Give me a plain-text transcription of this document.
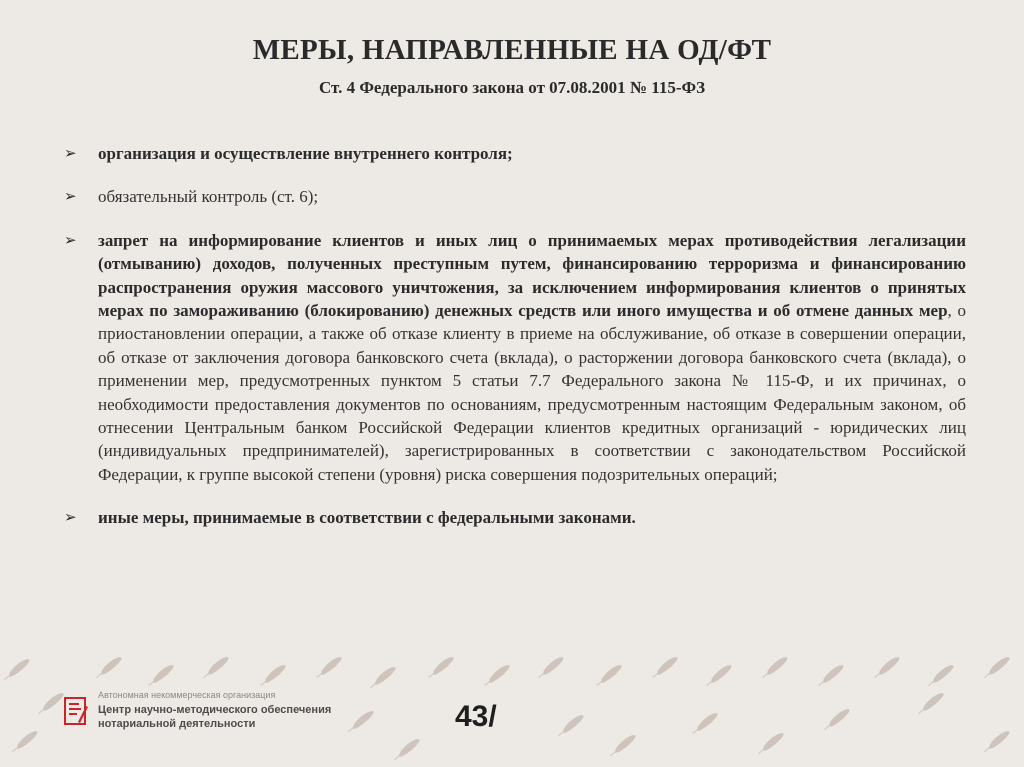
МЕРЫ, НАПРАВЛЕННЫЕ НА ОД/ФТ
Ст. 4 Федерального закона от 07.08.2001 № 115-ФЗ
➢ организация и осуществление внутреннего контроля;
➢ обязательный контроль (ст. 6);
➢ запрет на информирование клиентов и иных лиц о принимаемых мерах противодействия легализации (отмыванию) доходов, полученных преступным путем, финансированию терроризма и финансированию распространения оружия массового уничтожения, за исключением информирования клиентов о принятых мерах по замораживанию (блокированию) денежных средств или иного имущества и об отмене данных мер, о приостановлении операции, а также об отказе клиенту в приеме на обслуживание, об отказе в совершении операции, об отказе от заключения договора банковского счета (вклада), о расторжении договора банковского счета (вклада), о применении мер, предусмотренных пунктом 5 статьи 7.7 Федерального закона № 115-Ф, и их причинах, о необходимости предоставления документов по основаниям, предусмотренным настоящим Федеральным законом, об отнесении Центральным банком Российской Федерации клиентов кредитных организаций - юридических лиц (индивидуальных предпринимателей), зарегистрированных в соответствии с законодательством Российской Федерации, к группе высокой степени (уровня) риска совершения подозрительных операций;
➢ иные меры, принимаемые в соответствии с федеральными законами.
Автономная некоммерческая организация
Центр научно-методического обеспечения
нотариальной деятельности	43/
